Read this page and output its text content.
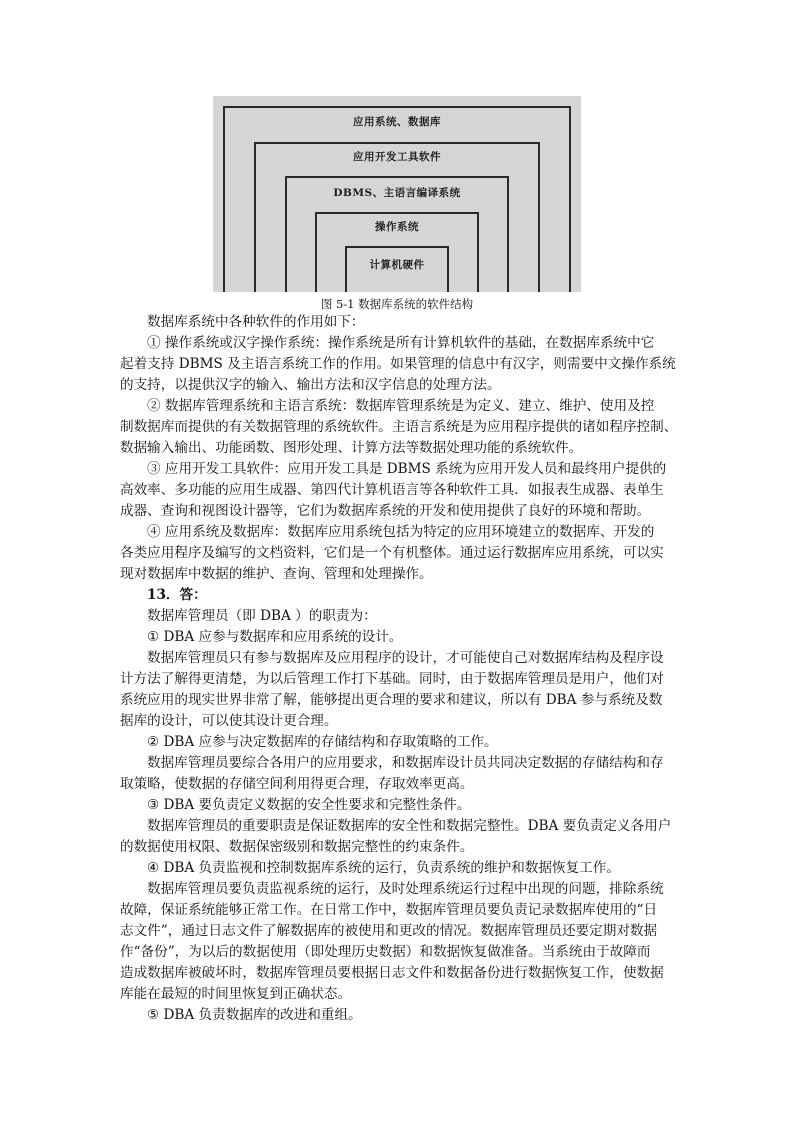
应用系统、数据库
应用开发工具软件
DBMS、主语言编译系统
操作系统
计算机硬件
图 5-1 数据库系统的软件结构
数据库系统中各种软件的作用如下：
① 操作系统或汉字操作系统：操作系统是所有计算机软件的基础，在数据库系统中它
起着支持 DBMS 及主语言系统工作的作用。如果管理的信息中有汉字，则需要中文操作系统
的支持，以提供汉字的输入、输出方法和汉字信息的处理方法。
② 数据库管理系统和主语言系统：数据库管理系统是为定义、建立、维护、使用及控
制数据库而提供的有关数据管理的系统软件。主语言系统是为应用程序提供的诸如程序控制、
数据输入输出、功能函数、图形处理、计算方法等数据处理功能的系统软件。
③ 应用开发工具软件：应用开发工具是 DBMS 系统为应用开发人员和最终用户提供的
高效率、多功能的应用生成器、第四代计算机语言等各种软件工具．如报表生成器、表单生
成器、查询和视图设计器等，它们为数据库系统的开发和使用提供了良好的环境和帮助。
④ 应用系统及数据库：数据库应用系统包括为特定的应用环境建立的数据库、开发的
各类应用程序及编写的文档资料，它们是一个有机整体。通过运行数据库应用系统，可以实
现对数据库中数据的维护、查询、管理和处理操作。
13．答：
数据库管理员（即 DBA ）的职责为：
① DBA 应参与数据库和应用系统的设计。
数据库管理员只有参与数据库及应用程序的设计，才可能使自己对数据库结构及程序设
计方法了解得更清楚，为以后管理工作打下基础。同时，由于数据库管理员是用户，他们对
系统应用的现实世界非常了解，能够提出更合理的要求和建议，所以有 DBA 参与系统及数
据库的设计，可以使其设计更合理。
② DBA 应参与决定数据库的存储结构和存取策略的工作。
数据库管理员要综合各用户的应用要求，和数据库设计员共同决定数据的存储结构和存
取策略，使数据的存储空间利用得更合理，存取效率更高。
③ DBA 要负责定义数据的安全性要求和完整性条件。
数据库管理员的重要职责是保证数据库的安全性和数据完整性。DBA 要负责定义各用户
的数据使用权限、数据保密级别和数据完整性的约束条件。
④ DBA 负责监视和控制数据库系统的运行，负责系统的维护和数据恢复工作。
数据库管理员要负责监视系统的运行，及时处理系统运行过程中出现的问题，排除系统
故障，保证系统能够正常工作。在日常工作中，数据库管理员要负责记录数据库使用的“日
志文件”，通过日志文件了解数据库的被使用和更改的情况。数据库管理员还要定期对数据
作“备份”，为以后的数据使用（即处理历史数据）和数据恢复做准备。当系统由于故障而
造成数据库被破坏时，数据库管理员要根据日志文件和数据备份进行数据恢复工作，使数据
库能在最短的时间里恢复到正确状态。
⑤ DBA 负责数据库的改进和重组。
